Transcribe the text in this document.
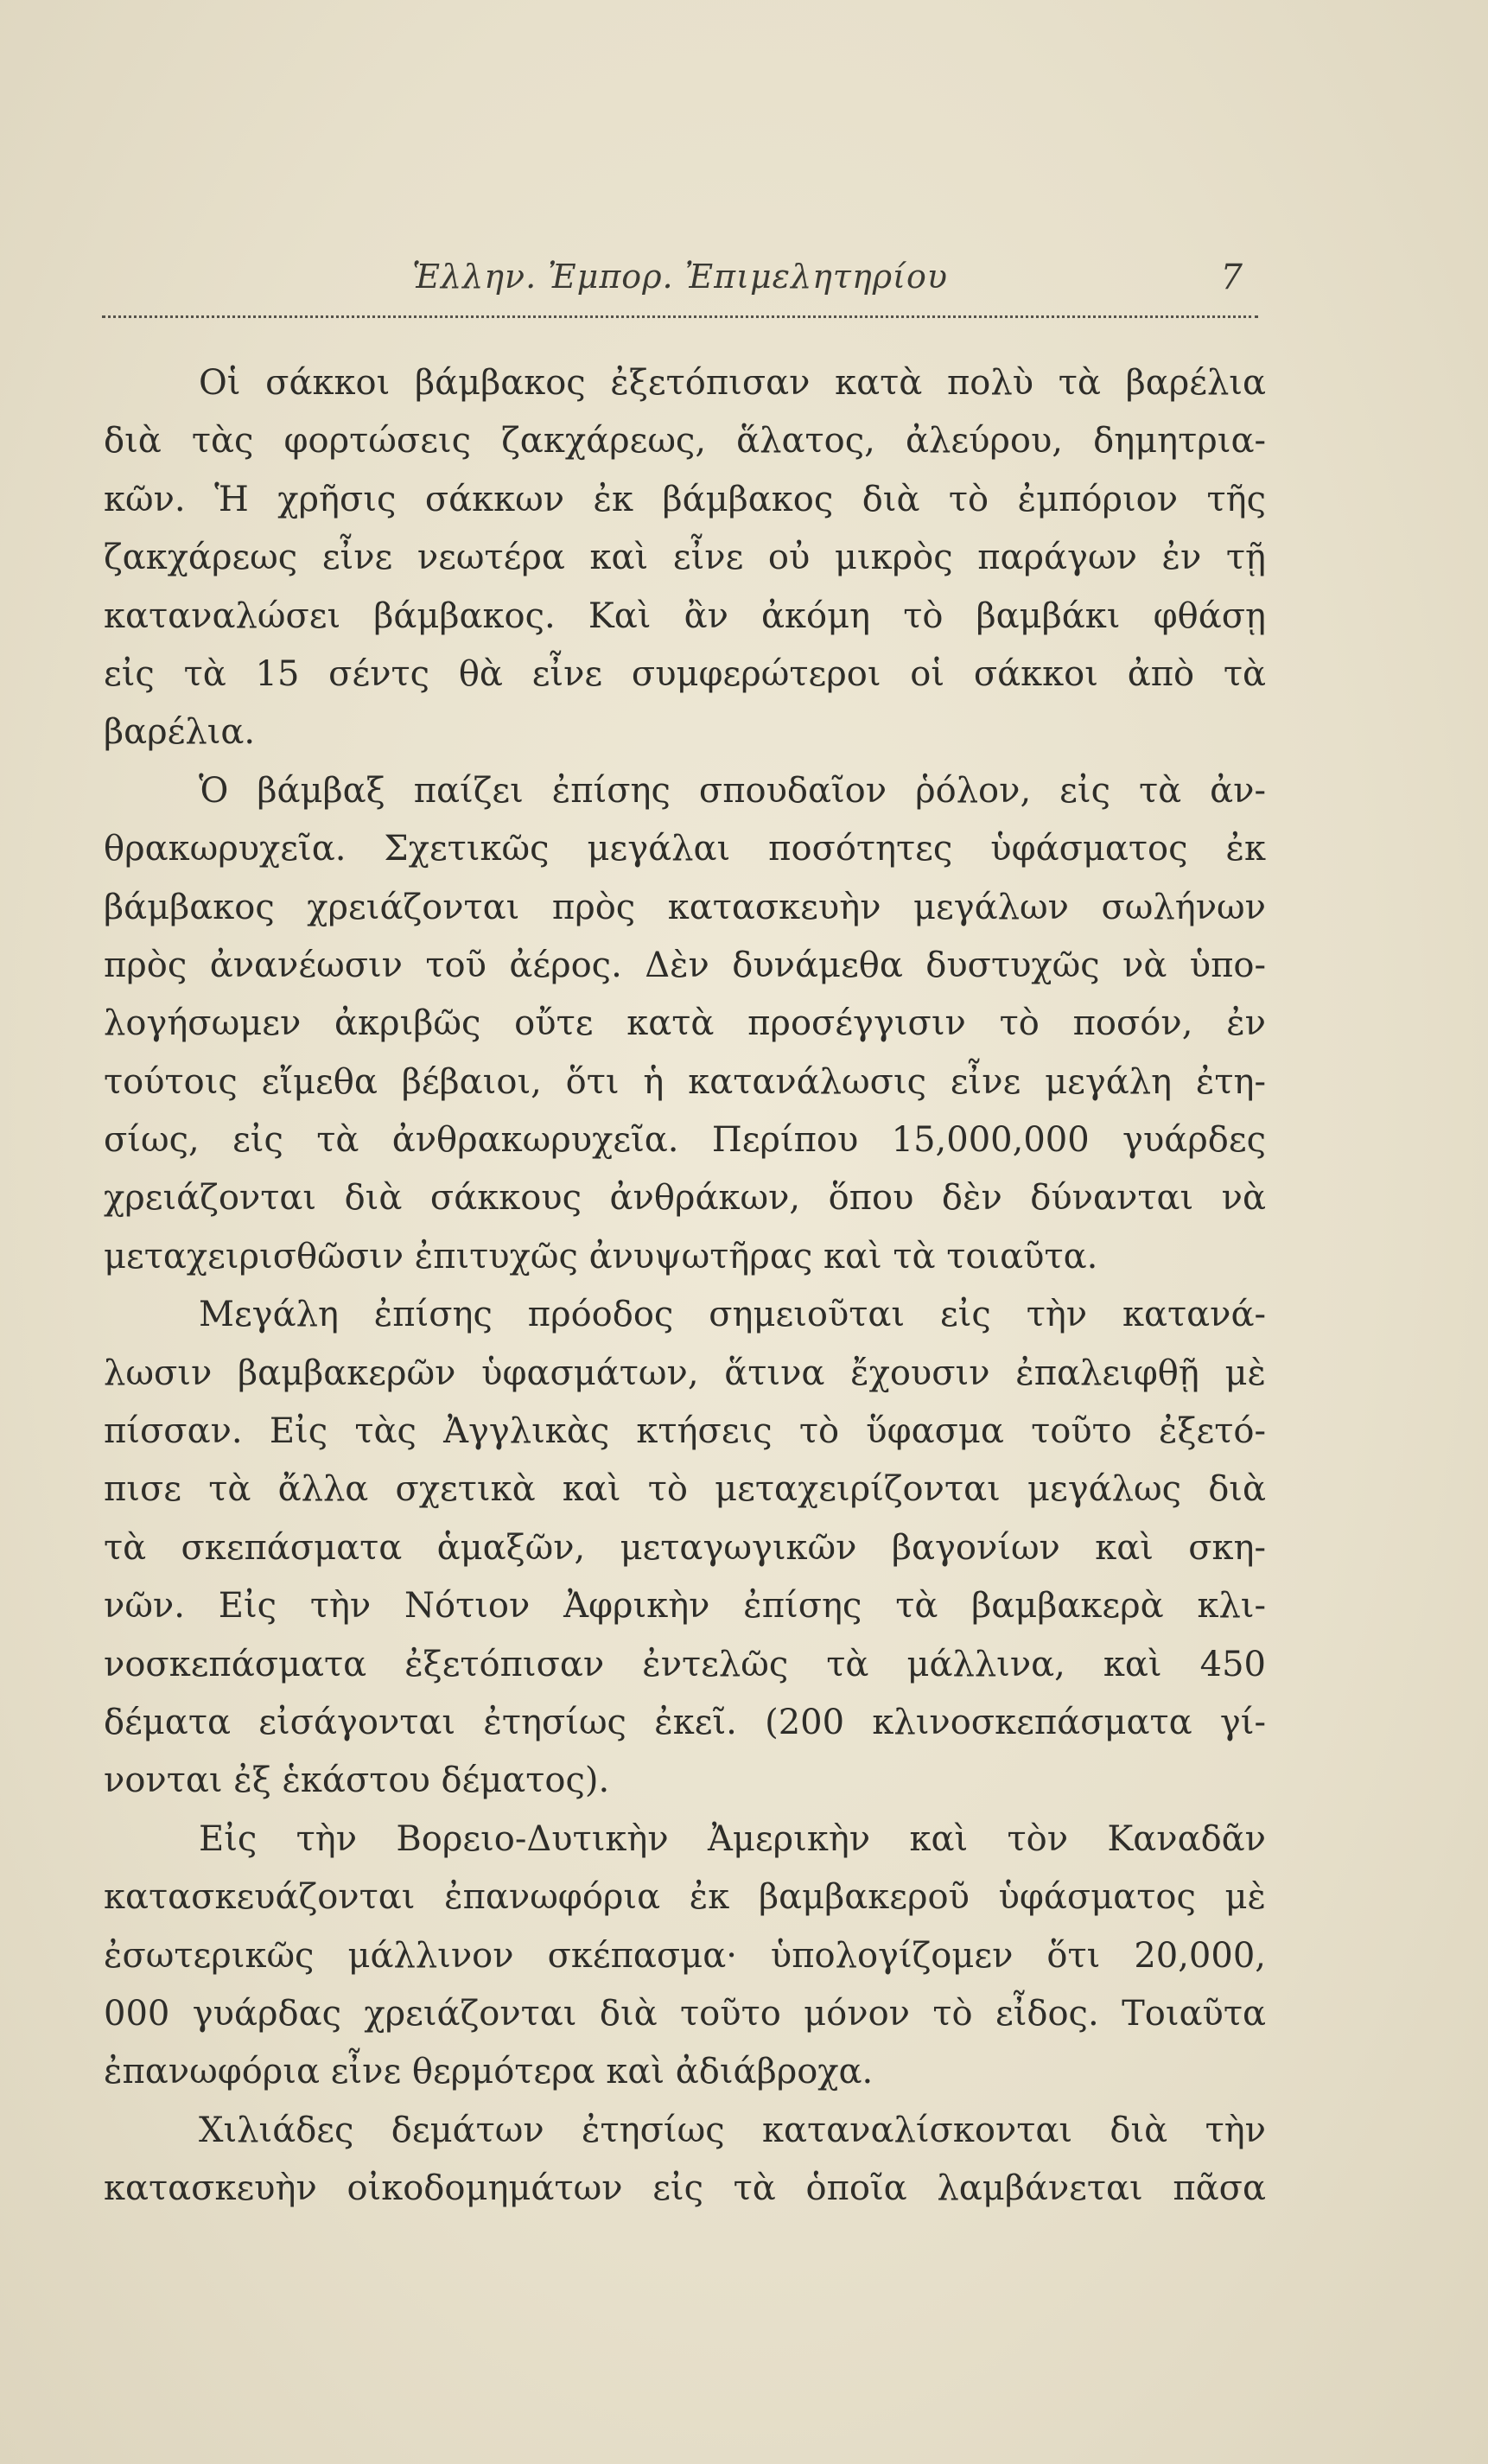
Ἑλλην. Ἐμπορ. Ἐπιμελητηρίου	7
Οἱ σάκκοι βάμβακος ἐξετόπισαν κατὰ πολὺ τὰ βαρέλια
διὰ τὰς φορτώσεις ζακχάρεως, ἅλατος, ἀλεύρου, δημητρια-
κῶν. Ἡ χρῆσις σάκκων ἐκ βάμβακος διὰ τὸ ἐμπόριον τῆς
ζακχάρεως εἶνε νεωτέρα καὶ εἶνε οὐ μικρὸς παράγων ἐν τῇ
καταναλώσει βάμβακος. Καὶ ἂν ἀκόμη τὸ βαμβάκι φθάσῃ
εἰς τὰ 15 σέντς θὰ εἶνε συμφερώτεροι οἱ σάκκοι ἀπὸ τὰ
βαρέλια.
Ὁ βάμβαξ παίζει ἐπίσης σπουδαῖον ῥόλον, εἰς τὰ ἀν-
θρακωρυχεῖα. Σχετικῶς μεγάλαι ποσότητες ὑφάσματος ἐκ
βάμβακος χρειάζονται πρὸς κατασκευὴν μεγάλων σωλήνων
πρὸς ἀνανέωσιν τοῦ ἀέρος. Δὲν δυνάμεθα δυστυχῶς νὰ ὑπο-
λογήσωμεν ἀκριβῶς οὔτε κατὰ προσέγγισιν τὸ ποσόν, ἐν
τούτοις εἴμεθα βέβαιοι, ὅτι ἡ κατανάλωσις εἶνε μεγάλη ἐτη-
σίως, εἰς τὰ ἀνθρακωρυχεῖα. Περίπου 15,000,000 γυάρδες
χρειάζονται διὰ σάκκους ἀνθράκων, ὅπου δὲν δύνανται νὰ
μεταχειρισθῶσιν ἐπιτυχῶς ἀνυψωτῆρας καὶ τὰ τοιαῦτα.
Μεγάλη ἐπίσης πρόοδος σημειοῦται εἰς τὴν κατανά-
λωσιν βαμβακερῶν ὑφασμάτων, ἅτινα ἔχουσιν ἐπαλειφθῇ μὲ
πίσσαν. Εἰς τὰς Ἀγγλικὰς κτήσεις τὸ ὕφασμα τοῦτο ἐξετό-
πισε τὰ ἄλλα σχετικὰ καὶ τὸ μεταχειρίζονται μεγάλως διὰ
τὰ σκεπάσματα ἁμαξῶν, μεταγωγικῶν βαγονίων καὶ σκη-
νῶν. Εἰς τὴν Νότιον Ἀφρικὴν ἐπίσης τὰ βαμβακερὰ κλι-
νοσκεπάσματα ἐξετόπισαν ἐντελῶς τὰ μάλλινα, καὶ 450
δέματα εἰσάγονται ἐτησίως ἐκεῖ. (200 κλινοσκεπάσματα γί-
νονται ἐξ ἑκάστου δέματος).
Εἰς τὴν Βορειο-Δυτικὴν Ἀμερικὴν καὶ τὸν Καναδᾶν
κατασκευάζονται ἐπανωφόρια ἐκ βαμβακεροῦ ὑφάσματος μὲ
ἐσωτερικῶς μάλλινον σκέπασμα· ὑπολογίζομεν ὅτι 20,000,
000 γυάρδας χρειάζονται διὰ τοῦτο μόνον τὸ εἶδος. Τοιαῦτα
ἐπανωφόρια εἶνε θερμότερα καὶ ἀδιάβροχα.
Χιλιάδες δεμάτων ἐτησίως καταναλίσκονται διὰ τὴν
κατασκευὴν οἰκοδομημάτων εἰς τὰ ὁποῖα λαμβάνεται πᾶσα
